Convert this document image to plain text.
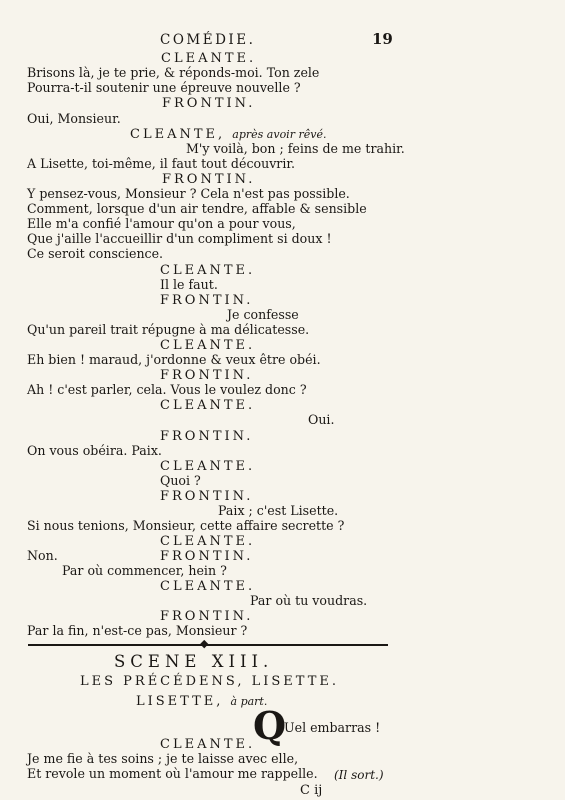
COMÉDIE.	19
CLEANTE.
Brisons là, je te prie, & réponds-moi. Ton zele
Pourra-t-il soutenir une épreuve nouvelle ?
FRONTIN.
Oui, Monsieur.
CLEANTE, après avoir rêvé.
M'y voilà, bon ; feins de me trahir.
A Lisette, toi-même, il faut tout découvrir.
FRONTIN.
Y pensez-vous, Monsieur ? Cela n'est pas possible.
Comment, lorsque d'un air tendre, affable & sensible
Elle m'a confié l'amour qu'on a pour vous,
Que j'aille l'accueillir d'un compliment si doux !
Ce seroit conscience.
CLEANTE.
Il le faut.
FRONTIN.
Je confesse
Qu'un pareil trait répugne à ma délicatesse.
CLEANTE.
Eh bien ! maraud, j'ordonne & veux être obéi.
FRONTIN.
Ah ! c'est parler, cela. Vous le voulez donc ?
CLEANTE.
Oui.
FRONTIN.
On vous obéira. Paix.
CLEANTE.
Quoi ?
FRONTIN.
Paix ; c'est Lisette.
Si nous tenions, Monsieur, cette affaire secrette ?
CLEANTE.
Non.	FRONTIN.
Par où commencer, hein ?
CLEANTE.
Par où tu voudras.
FRONTIN.
Par la fin, n'est-ce pas, Monsieur ?
◆
SCENE XIII.
LES PRÉCÉDENS, LISETTE.
LISETTE, à part.
Q
Uel embarras !
CLEANTE.
Je me fie à tes soins ; je te laisse avec elle,
Et revole un moment où l'amour me rappelle. (Il sort.)
C ij
